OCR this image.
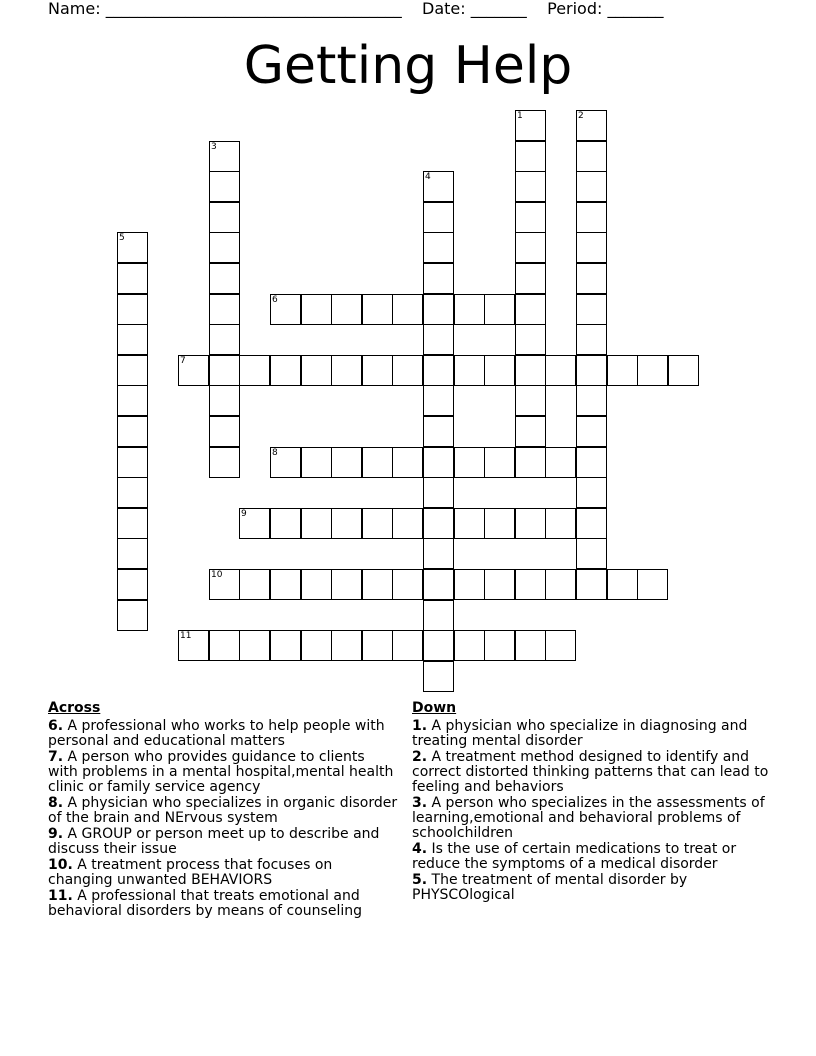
Name: _____________________________________ Date: _______ Period: _______
Getting Help
1	2
3
4
5
6
7
8
9
10
11
Across
6. A professional who works to help people with personal and educational matters
7. A person who provides guidance to clients with problems in a mental hospital,mental health clinic or family service agency
8. A physician who specializes in organic disorder of the brain and NErvous system
9. A GROUP or person meet up to describe and discuss their issue
10. A treatment process that focuses on changing unwanted BEHAVIORS
11. A professional that treats emotional and behavioral disorders by means of counseling
Down
1. A physician who specialize in diagnosing and treating mental disorder
2. A treatment method designed to identify and correct distorted thinking patterns that can lead to feeling and behaviors
3. A person who specializes in the assessments of learning,emotional and behavioral problems of schoolchildren
4. Is the use of certain medications to treat or reduce the symptoms of a medical disorder
5. The treatment of mental disorder by PHYSCOlogical
